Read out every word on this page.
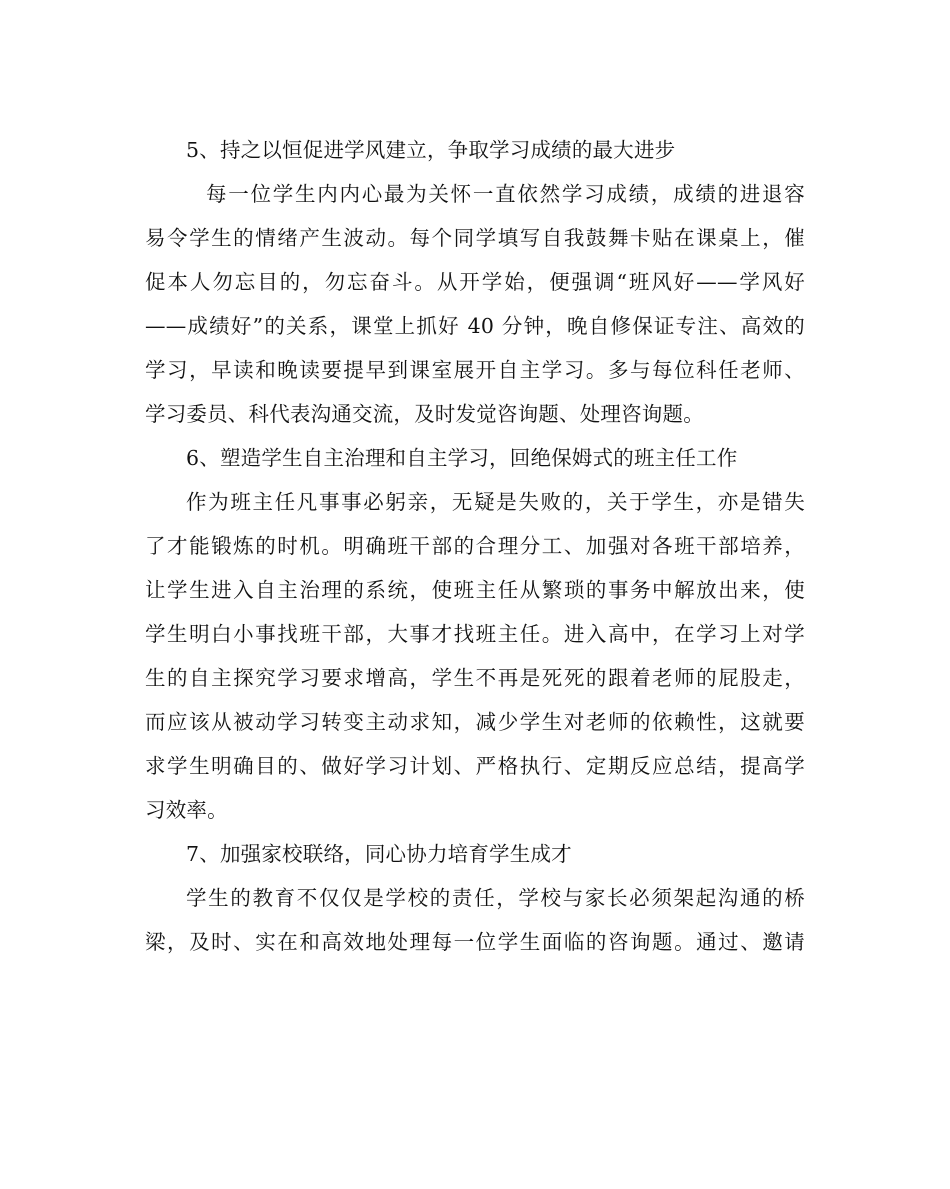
5、持之以恒促进学风建立，争取学习成绩的最大进步
每一位学生内内心最为关怀一直依然学习成绩，成绩的进退容
易令学生的情绪产生波动。每个同学填写自我鼓舞卡贴在课桌上，催
促本人勿忘目的，勿忘奋斗。从开学始，便强调“班风好——学风好
——成绩好”的关系，课堂上抓好 40 分钟，晚自修保证专注、高效的
学习，早读和晚读要提早到课室展开自主学习。多与每位科任老师、
学习委员、科代表沟通交流，及时发觉咨询题、处理咨询题。
6、塑造学生自主治理和自主学习，回绝保姆式的班主任工作
作为班主任凡事事必躬亲，无疑是失败的，关于学生，亦是错失
了才能锻炼的时机。明确班干部的合理分工、加强对各班干部培养，
让学生进入自主治理的系统，使班主任从繁琐的事务中解放出来，使
学生明白小事找班干部，大事才找班主任。进入高中，在学习上对学
生的自主探究学习要求增高，学生不再是死死的跟着老师的屁股走，
而应该从被动学习转变主动求知，减少学生对老师的依赖性，这就要
求学生明确目的、做好学习计划、严格执行、定期反应总结，提高学
习效率。
7、加强家校联络，同心协力培育学生成才
学生的教育不仅仅是学校的责任，学校与家长必须架起沟通的桥
梁，及时、实在和高效地处理每一位学生面临的咨询题。通过、邀请
